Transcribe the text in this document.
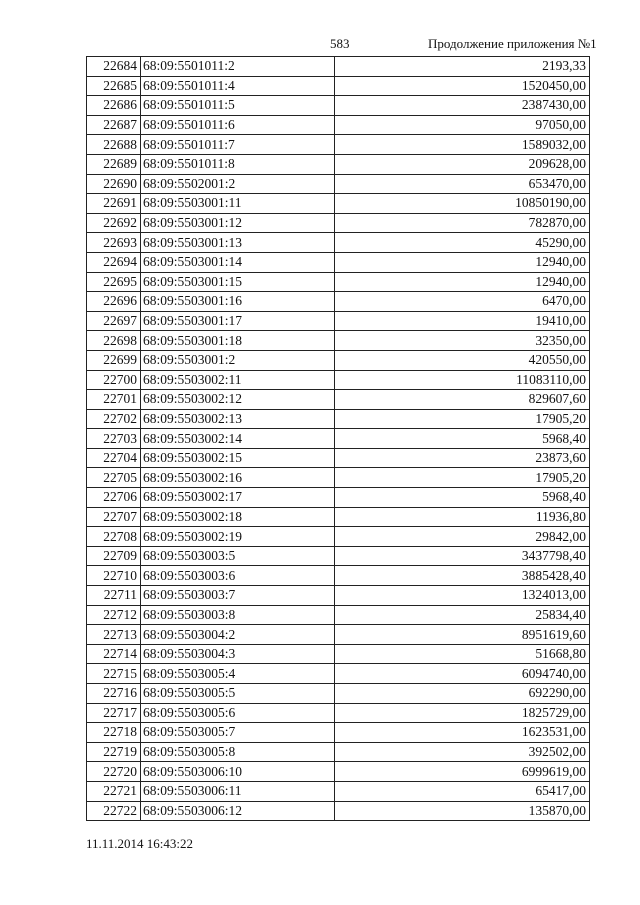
583	Продолжение приложения №1
22684	68:09:5501011:2	2193,33
22685	68:09:5501011:4	1520450,00
22686	68:09:5501011:5	2387430,00
22687	68:09:5501011:6	97050,00
22688	68:09:5501011:7	1589032,00
22689	68:09:5501011:8	209628,00
22690	68:09:5502001:2	653470,00
22691	68:09:5503001:11	10850190,00
22692	68:09:5503001:12	782870,00
22693	68:09:5503001:13	45290,00
22694	68:09:5503001:14	12940,00
22695	68:09:5503001:15	12940,00
22696	68:09:5503001:16	6470,00
22697	68:09:5503001:17	19410,00
22698	68:09:5503001:18	32350,00
22699	68:09:5503001:2	420550,00
22700	68:09:5503002:11	11083110,00
22701	68:09:5503002:12	829607,60
22702	68:09:5503002:13	17905,20
22703	68:09:5503002:14	5968,40
22704	68:09:5503002:15	23873,60
22705	68:09:5503002:16	17905,20
22706	68:09:5503002:17	5968,40
22707	68:09:5503002:18	11936,80
22708	68:09:5503002:19	29842,00
22709	68:09:5503003:5	3437798,40
22710	68:09:5503003:6	3885428,40
22711	68:09:5503003:7	1324013,00
22712	68:09:5503003:8	25834,40
22713	68:09:5503004:2	8951619,60
22714	68:09:5503004:3	51668,80
22715	68:09:5503005:4	6094740,00
22716	68:09:5503005:5	692290,00
22717	68:09:5503005:6	1825729,00
22718	68:09:5503005:7	1623531,00
22719	68:09:5503005:8	392502,00
22720	68:09:5503006:10	6999619,00
22721	68:09:5503006:11	65417,00
22722	68:09:5503006:12	135870,00
11.11.2014 16:43:22
